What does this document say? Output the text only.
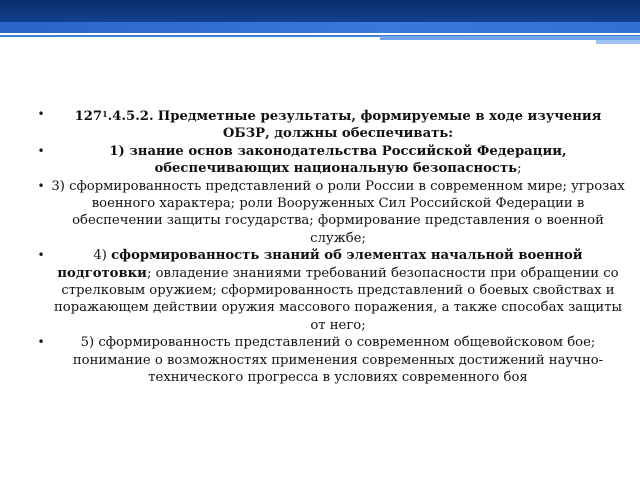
• $127^1.4.5.2$. Предметные результаты, формируемые в ходе изучения ОБЗР, должны обеспечивать:
•	1) знание основ законодательства Российской Федерации, обеспечивающих национальную безопасность;
• 3) сформированность представлений о роли России в современном мире; угрозах военного характера; роли Вооруженных Сил Российской Федерации в обеспечении защиты государства; формирование представления о военной службе;
•	4) сформированность знаний об элементах начальной военной подготовки; овладение знаниями требований безопасности при обращении со стрелковым оружием; сформированность представлений о боевых свойствах и поражающем действии оружия массового поражения, а также способах защиты от него;
•	5) сформированность представлений о современном общевойсковом бое; понимание о возможностях применения современных достижений научно-технического прогресса в условиях современного боя
